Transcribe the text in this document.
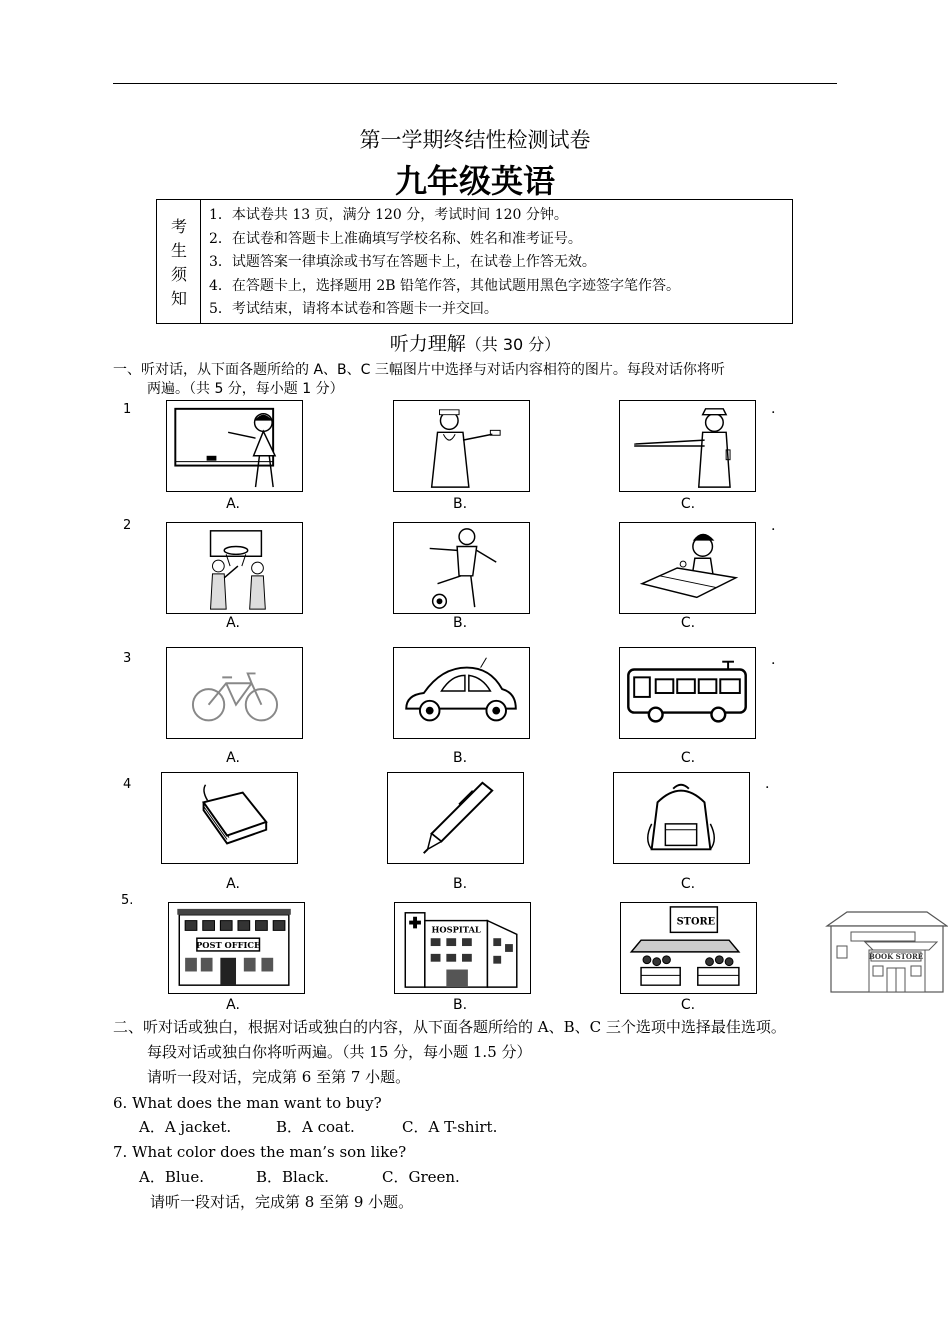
第一学期终结性检测试卷
九年级英语
考
生
须
知
1．本试卷共 13 页，满分 120 分，考试时间 120 分钟。
2．在试卷和答题卡上准确填写学校名称、姓名和准考证号。
3．试题答案一律填涂或书写在答题卡上，在试卷上作答无效。
4．在答题卡上，选择题用 2B 铅笔作答，其他试题用黑色字迹签字笔作答。
5．考试结束，请将本试卷和答题卡一并交回。
听力理解（共 30 分）
一、听对话，从下面各题所给的 A、B、C 三幅图片中选择与对话内容相符的图片。每段对话你将听
两遍。（共 5 分，每小题 1 分）
1	.
A.	B.	C.
2	.
A.	B.	C.
3	.
A.	B.	C.
4	.
A.	B.	C.
5.
POST OFFICE
HOSPITAL
STORE
BOOK STORE
A.	B.	C.
二、听对话或独白，根据对话或独白的内容，从下面各题所给的 A、B、C 三个选项中选择最佳选项。
每段对话或独白你将听两遍。（共 15 分，每小题 1.5 分）
请听一段对话，完成第 6 至第 7 小题。
6. What does the man want to buy?
A．A jacket.	B．A coat.	C．A T-shirt.
7. What color does the man’s son like?
A．Blue.	B．Black.	C．Green.
请听一段对话，完成第 8 至第 9 小题。
